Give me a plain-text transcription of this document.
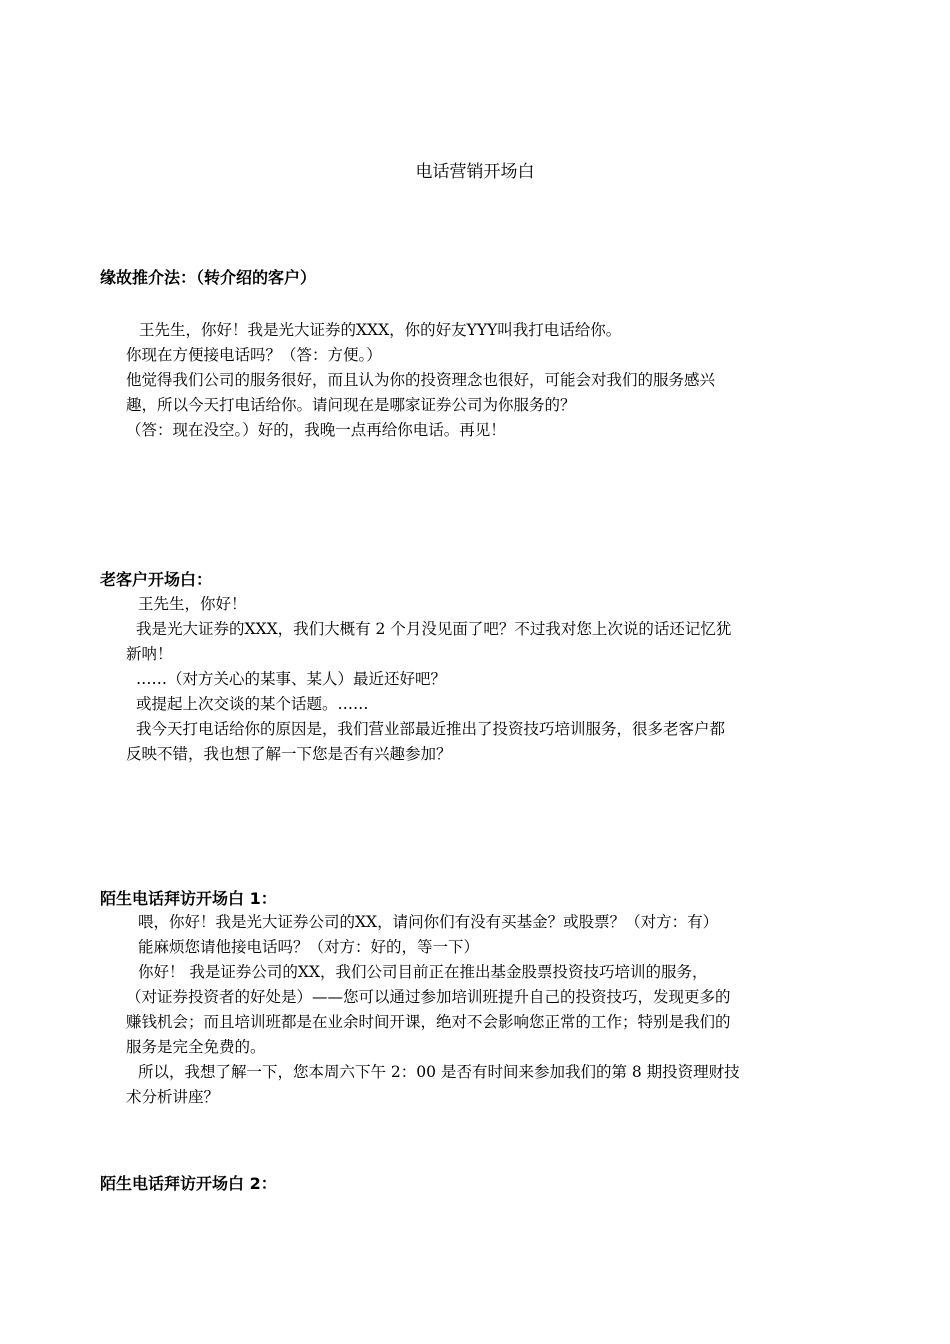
电话营销开场白
缘故推介法：（转介绍的客户）
王先生，你好！我是光大证券的XXX，你的好友YYY叫我打电话给你。
你现在方便接电话吗？（答：方便。）
他觉得我们公司的服务很好，而且认为你的投资理念也很好，可能会对我们的服务感兴
趣，所以今天打电话给你。请问现在是哪家证券公司为你服务的？
（答：现在没空。）好的，我晚一点再给你电话。再见！
老客户开场白：
王先生，你好！
我是光大证券的XXX，我们大概有 2 个月没见面了吧？不过我对您上次说的话还记忆犹
新呐！
……（对方关心的某事、某人）最近还好吧？
或提起上次交谈的某个话题。……
我今天打电话给你的原因是，我们营业部最近推出了投资技巧培训服务，很多老客户都
反映不错，我也想了解一下您是否有兴趣参加？
陌生电话拜访开场白 1：
喂，你好！我是光大证券公司的XX，请问你们有没有买基金？或股票？（对方：有）
能麻烦您请他接电话吗？（对方：好的，等一下）
你好！ 我是证券公司的XX，我们公司目前正在推出基金股票投资技巧培训的服务，
（对证券投资者的好处是）——您可以通过参加培训班提升自己的投资技巧，发现更多的
赚钱机会；而且培训班都是在业余时间开课，绝对不会影响您正常的工作；特别是我们的
服务是完全免费的。
所以，我想了解一下，您本周六下午 2：00 是否有时间来参加我们的第 8 期投资理财技
术分析讲座？
陌生电话拜访开场白 2：
